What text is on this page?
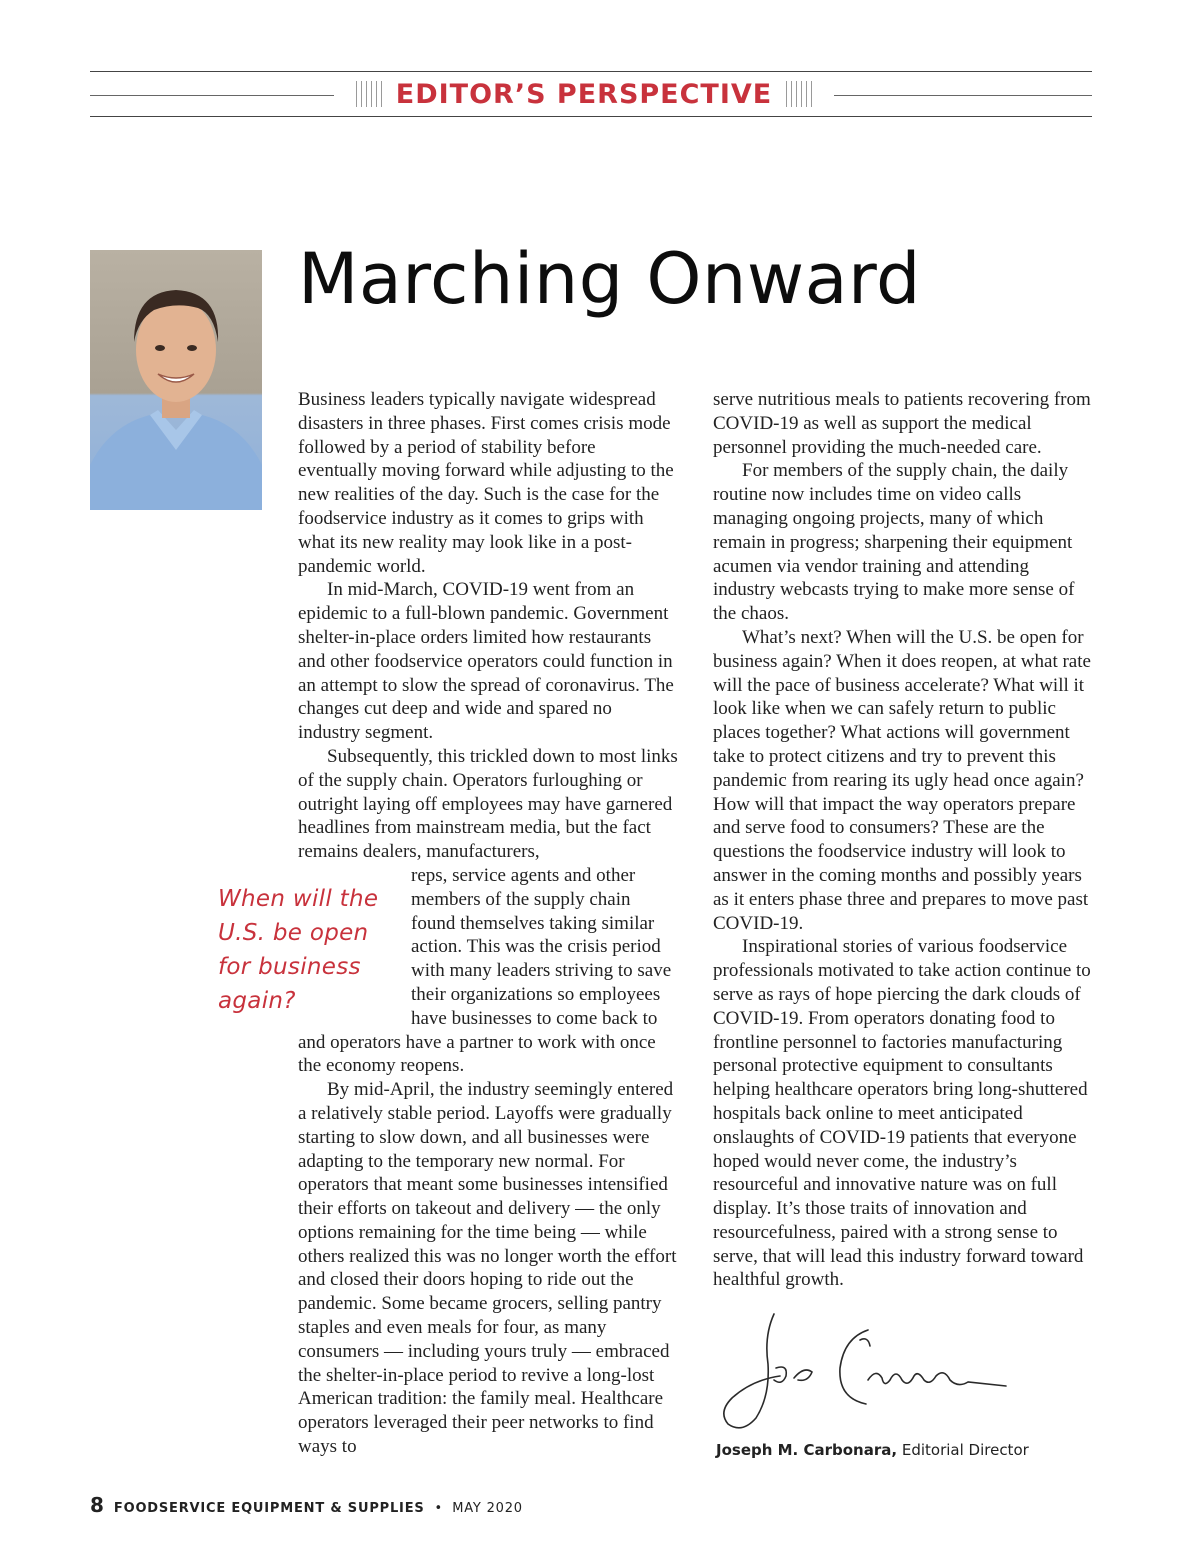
EDITOR’S PERSPECTIVE
Marching Onward

Business leaders typically navigate widespread disasters in three phases. First comes crisis mode followed by a period of stability before eventually moving forward while adjusting to the new realities of the day. Such is the case for the foodservice industry as it comes to grips with what its new reality may look like in a post-pandemic world.

In mid-March, COVID-19 went from an epidemic to a full-blown pandemic. Government shelter-in-place orders limited how restaurants and other foodservice operators could function in an attempt to slow the spread of coronavirus. The changes cut deep and wide and spared no industry segment.

Subsequently, this trickled down to most links of the supply chain. Operators furloughing or outright laying off employees may have garnered headlines from mainstream media, but the fact remains dealers, manufacturers,

reps, service agents and other members of the supply chain found themselves taking similar action. This was the crisis period with many leaders striving to save their organizations so employees have businesses to come back to and operators have a partner to work with once the economy reopens.

By mid-April, the industry seemingly entered a relatively stable period. Layoffs were gradually starting to slow down, and all businesses were adapting to the temporary new normal. For operators that meant some businesses intensified their efforts on takeout and delivery — the only options remaining for the time being — while others realized this was no longer worth the effort and closed their doors hoping to ride out the pandemic. Some became grocers, selling pantry staples and even meals for four, as many consumers — including yours truly — embraced the shelter-in-place period to revive a long-lost American tradition: the family meal. Healthcare operators leveraged their peer networks to find ways to

When will the U.S. be open for business again?

serve nutritious meals to patients recovering from COVID-19 as well as support the medical personnel providing the much-needed care.

For members of the supply chain, the daily routine now includes time on video calls managing ongoing projects, many of which remain in progress; sharpening their equipment acumen via vendor training and attending industry webcasts trying to make more sense of the chaos.

What’s next? When will the U.S. be open for business again? When it does reopen, at what rate will the pace of business accelerate? What will it look like when we can safely return to public places together? What actions will government take to protect citizens and try to prevent this pandemic from rearing its ugly head once again? How will that impact the way operators prepare and serve food to consumers? These are the questions the foodservice industry will look to answer in the coming months and possibly years as it enters phase three and prepares to move past COVID-19.

Inspirational stories of various foodservice professionals motivated to take action continue to serve as rays of hope piercing the dark clouds of COVID-19. From operators donating food to frontline personnel to factories manufacturing personal protective equipment to consultants helping healthcare operators bring long-shuttered hospitals back online to meet anticipated onslaughts of COVID-19 patients that everyone hoped would never come, the industry’s resourceful and innovative nature was on full display. It’s those traits of innovation and resourcefulness, paired with a strong sense to serve, that will lead this industry forward toward healthful growth.

Joseph M. Carbonara, Editorial Director
8 FOODSERVICE EQUIPMENT & SUPPLIES • MAY 2020
